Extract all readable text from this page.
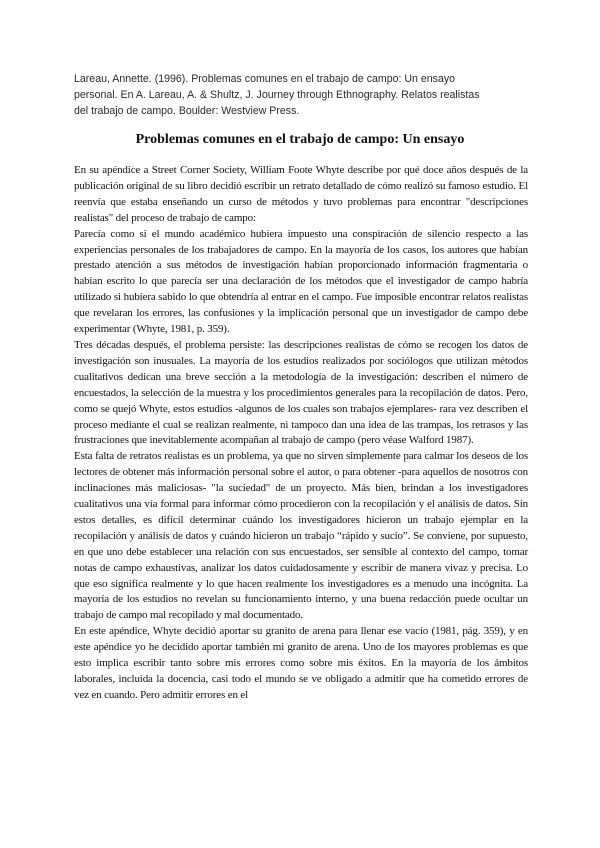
Lareau, Annette. (1996). Problemas comunes en el trabajo de campo: Un ensayo
personal. En A. Lareau, A. & Shultz, J. Journey through Ethnography. Relatos realistas
del trabajo de campo. Boulder: Westview Press.
Problemas comunes en el trabajo de campo: Un ensayo

En su apéndice a Street Corner Society, William Foote Whyte describe por qué doce años después de la publicación original de su libro decidió escribir un retrato detallado de cómo realizó su famoso estudio. El reenvía que estaba enseñando un curso de métodos y tuvo problemas para encontrar "descripciones realistas" del proceso de trabajo de campo:

Parecía como si el mundo académico hubiera impuesto una conspiración de silencio respecto a las experiencias personales de los trabajadores de campo. En la mayoría de los casos, los autores que habían prestado atención a sus métodos de investigación habían proporcionado información fragmentaria o habían escrito lo que parecía ser una declaración de los métodos que el investigador de campo habría utilizado si hubiera sabido lo que obtendría al entrar en el campo. Fue imposible encontrar relatos realistas que revelaran los errores, las confusiones y la implicación personal que un investigador de campo debe experimentar (Whyte, 1981, p. 359).

Tres décadas después, el problema persiste: las descripciones realistas de cómo se recogen los datos de investigación son inusuales. La mayoría de los estudios realizados por sociólogos que utilizan métodos cualitativos dedican una breve sección a la metodología de la investigación: describen el número de encuestados, la selección de la muestra y los procedimientos generales para la recopilación de datos. Pero, como se quejó Whyte, estos estudios -algunos de los cuales son trabajos ejemplares- rara vez describen el proceso mediante el cual se realizan realmente, ni tampoco dan una idea de las trampas, los retrasos y las frustraciones que inevitablemente acompañan al trabajo de campo (pero véase Walford 1987).

Esta falta de retratos realistas es un problema, ya que no sirven simplemente para calmar los deseos de los lectores de obtener más información personal sobre el autor, o para obtener -para aquellos de nosotros con inclinaciones más maliciosas- "la suciedad" de un proyecto. Más bien, brindan a los investigadores cualitativos una vía formal para informar cómo procedieron con la recopilación y el análisis de datos. Sin estos detalles, es difícil determinar cuándo los investigadores hicieron un trabajo ejemplar en la recopilación y análisis de datos y cuándo hicieron un trabajo “rápido y sucio”. Se conviene, por supuesto, en que uno debe establecer una relación con sus encuestados, ser sensible al contexto del campo, tomar notas de campo exhaustivas, analizar los datos cuidadosamente y escribir de manera vivaz y precisa. Lo que eso significa realmente y lo que hacen realmente los investigadores es a menudo una incógnita. La mayoría de los estudios no revelan su funcionamiento interno, y una buena redacción puede ocultar un trabajo de campo mal recopilado y mal documentado.

En este apéndice, Whyte decidió aportar su granito de arena para llenar ese vacío (1981, pág. 359), y en este apéndice yo he decidido aportar también mi granito de arena. Uno de los mayores problemas es que esto implica escribir tanto sobre mis errores como sobre mis éxitos. En la mayoría de los ámbitos laborales, incluida la docencia, casi todo el mundo se ve obligado a admitir que ha cometido errores de vez en cuando. Pero admitir errores en el
